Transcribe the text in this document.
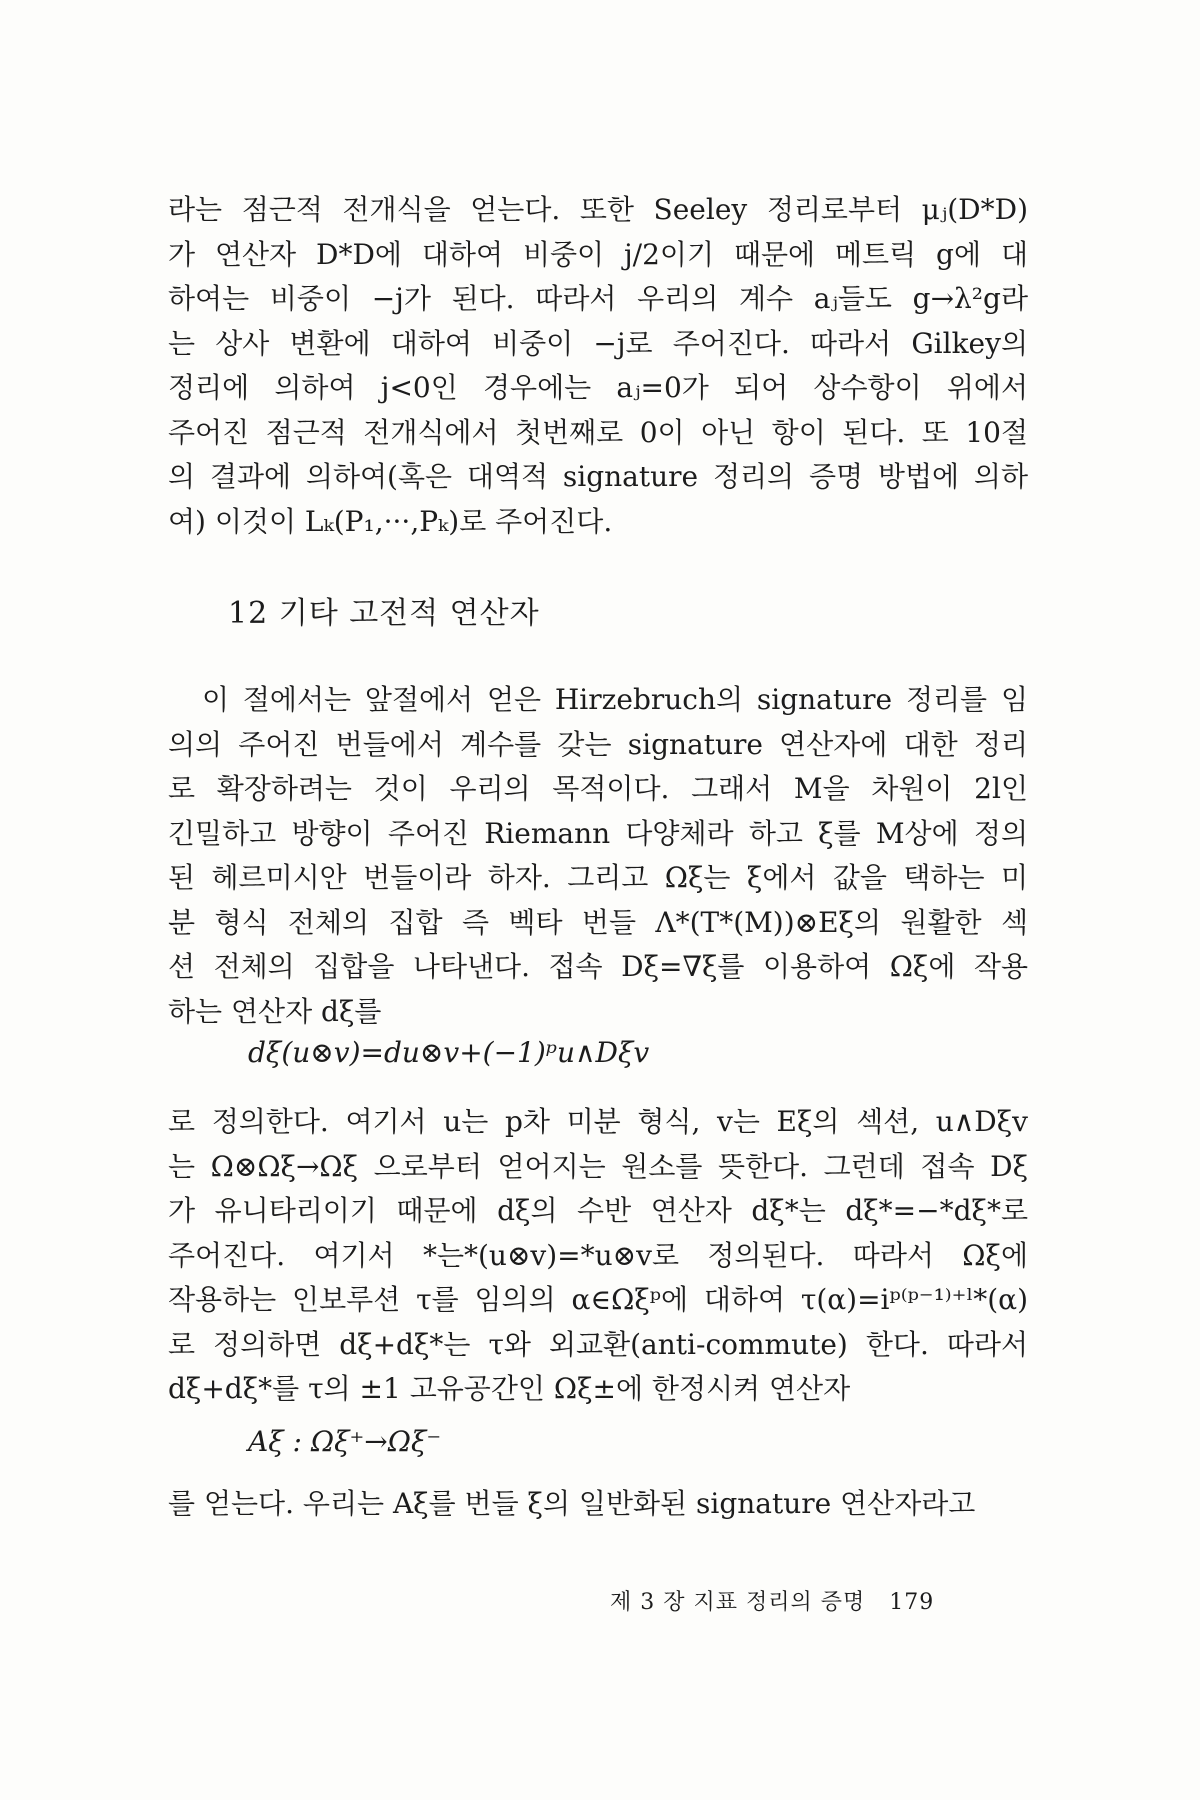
라는 점근적 전개식을 얻는다. 또한 Seeley 정리로부터 μⱼ(D*D)
가 연산자 D*D에 대하여 비중이 j/2이기 때문에 메트릭 g에 대
하여는 비중이 −j가 된다. 따라서 우리의 계수 aⱼ들도 g→λ²g라
는 상사 변환에 대하여 비중이 −j로 주어진다. 따라서 Gilkey의
정리에 의하여 j<0인 경우에는 aⱼ=0가 되어 상수항이 위에서
주어진 점근적 전개식에서 첫번째로 0이 아닌 항이 된다. 또 10절
의 결과에 의하여(혹은 대역적 signature 정리의 증명 방법에 의하
여) 이것이 Lₖ(P₁,···,Pₖ)로 주어진다.
12 기타 고전적 연산자
이 절에서는 앞절에서 얻은 Hirzebruch의 signature 정리를 임
의의 주어진 번들에서 계수를 갖는 signature 연산자에 대한 정리
로 확장하려는 것이 우리의 목적이다. 그래서 M을 차원이 2l인
긴밀하고 방향이 주어진 Riemann 다양체라 하고 ξ를 M상에 정의
된 헤르미시안 번들이라 하자. 그리고 Ωξ는 ξ에서 값을 택하는 미
분 형식 전체의 집합 즉 벡타 번들 Λ*(T*(M))⊗Eξ의 원활한 섹
션 전체의 집합을 나타낸다. 접속 Dξ=∇ξ를 이용하여 Ωξ에 작용
하는 연산자 dξ를
dξ(u⊗v)=du⊗v+(−1)ᵖu∧Dξv
로 정의한다. 여기서 u는 p차 미분 형식, v는 Eξ의 섹션, u∧Dξv
는 Ω⊗Ωξ→Ωξ 으로부터 얻어지는 원소를 뜻한다. 그런데 접속 Dξ
가 유니타리이기 때문에 dξ의 수반 연산자 dξ*는 dξ*=−*dξ*로
주어진다. 여기서 *는*(u⊗v)=*u⊗v로 정의된다. 따라서 Ωξ에
작용하는 인보루션 τ를 임의의 α∈Ωξᵖ에 대하여 τ(α)=iᵖ⁽ᵖ⁻¹⁾⁺ˡ*(α)
로 정의하면 dξ+dξ*는 τ와 외교환(anti-commute) 한다. 따라서
dξ+dξ*를 τ의 ±1 고유공간인 Ωξ±에 한정시켜 연산자
Aξ : Ωξ⁺→Ωξ⁻
를 얻는다. 우리는 Aξ를 번들 ξ의 일반화된 signature 연산자라고
제 3 장 지표 정리의 증명 179
